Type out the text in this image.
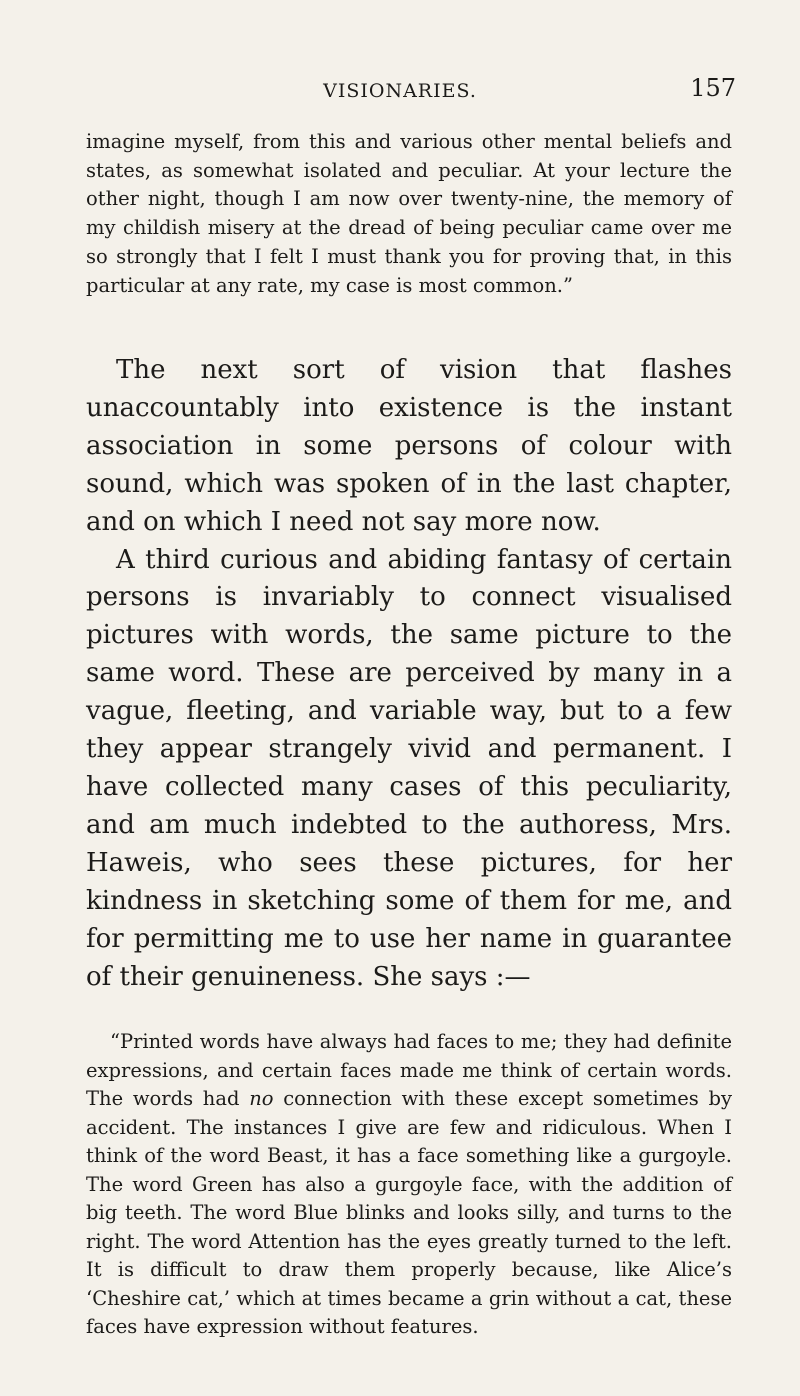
VISIONARIES.	157

imagine myself, from this and various other mental beliefs and states, as somewhat isolated and peculiar. At your lecture the other night, though I am now over twenty-nine, the memory of my childish misery at the dread of being peculiar came over me so strongly that I felt I must thank you for proving that, in this particular at any rate, my case is most common.”

The next sort of vision that flashes unaccountably into existence is the instant association in some persons of colour with sound, which was spoken of in the last chapter, and on which I need not say more now.

A third curious and abiding fantasy of certain persons is invariably to connect visualised pictures with words, the same picture to the same word. These are perceived by many in a vague, fleeting, and variable way, but to a few they appear strangely vivid and permanent. I have collected many cases of this peculiarity, and am much indebted to the authoress, Mrs. Haweis, who sees these pictures, for her kindness in sketching some of them for me, and for permitting me to use her name in guarantee of their genuineness. She says :—

“Printed words have always had faces to me; they had definite expressions, and certain faces made me think of certain words. The words had no connection with these except sometimes by accident. The instances I give are few and ridiculous. When I think of the word Beast, it has a face something like a gurgoyle. The word Green has also a gurgoyle face, with the addition of big teeth. The word Blue blinks and looks silly, and turns to the right. The word Attention has the eyes greatly turned to the left. It is difficult to draw them properly because, like Alice’s ‘Cheshire cat,’ which at times became a grin without a cat, these faces have expression without features.
